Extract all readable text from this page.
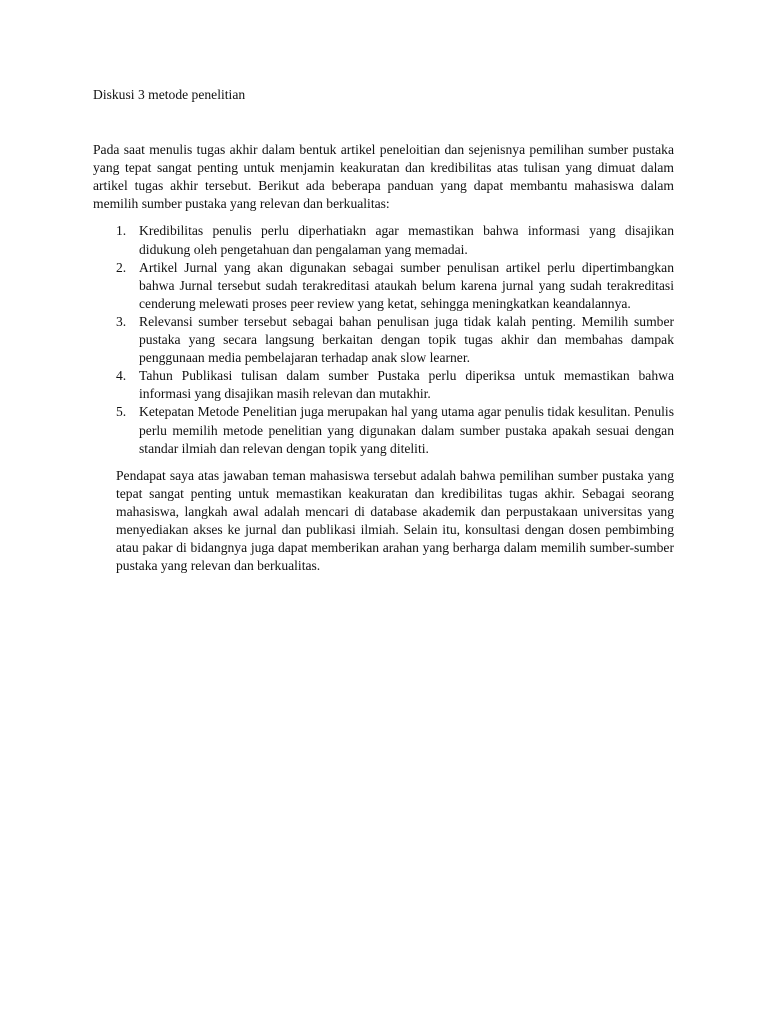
Diskusi 3 metode penelitian

Pada saat menulis tugas akhir dalam bentuk artikel peneloitian dan sejenisnya pemilihan sumber pustaka yang tepat sangat penting untuk menjamin keakuratan dan kredibilitas atas tulisan yang dimuat dalam artikel tugas akhir tersebut. Berikut ada beberapa panduan yang dapat membantu mahasiswa dalam memilih sumber pustaka yang relevan dan berkualitas:

1. Kredibilitas penulis perlu diperhatiakn agar memastikan bahwa informasi yang disajikan didukung oleh pengetahuan dan pengalaman yang memadai.
2. Artikel Jurnal yang akan digunakan sebagai sumber penulisan artikel perlu dipertimbangkan bahwa Jurnal tersebut sudah terakreditasi ataukah belum karena jurnal yang sudah terakreditasi cenderung melewati proses peer review yang ketat, sehingga meningkatkan keandalannya.
3. Relevansi sumber tersebut sebagai bahan penulisan juga tidak kalah penting. Memilih sumber pustaka yang secara langsung berkaitan dengan topik tugas akhir dan membahas dampak penggunaan media pembelajaran terhadap anak slow learner.
4. Tahun Publikasi tulisan dalam sumber Pustaka perlu diperiksa untuk memastikan bahwa informasi yang disajikan masih relevan dan mutakhir.
5. Ketepatan Metode Penelitian juga merupakan hal yang utama agar penulis tidak kesulitan. Penulis perlu memilih metode penelitian yang digunakan dalam sumber pustaka apakah sesuai dengan standar ilmiah dan relevan dengan topik yang diteliti.

Pendapat saya atas jawaban teman mahasiswa tersebut adalah bahwa pemilihan sumber pustaka yang tepat sangat penting untuk memastikan keakuratan dan kredibilitas tugas akhir. Sebagai seorang mahasiswa, langkah awal adalah mencari di database akademik dan perpustakaan universitas yang menyediakan akses ke jurnal dan publikasi ilmiah. Selain itu, konsultasi dengan dosen pembimbing atau pakar di bidangnya juga dapat memberikan arahan yang berharga dalam memilih sumber-sumber pustaka yang relevan dan berkualitas.
